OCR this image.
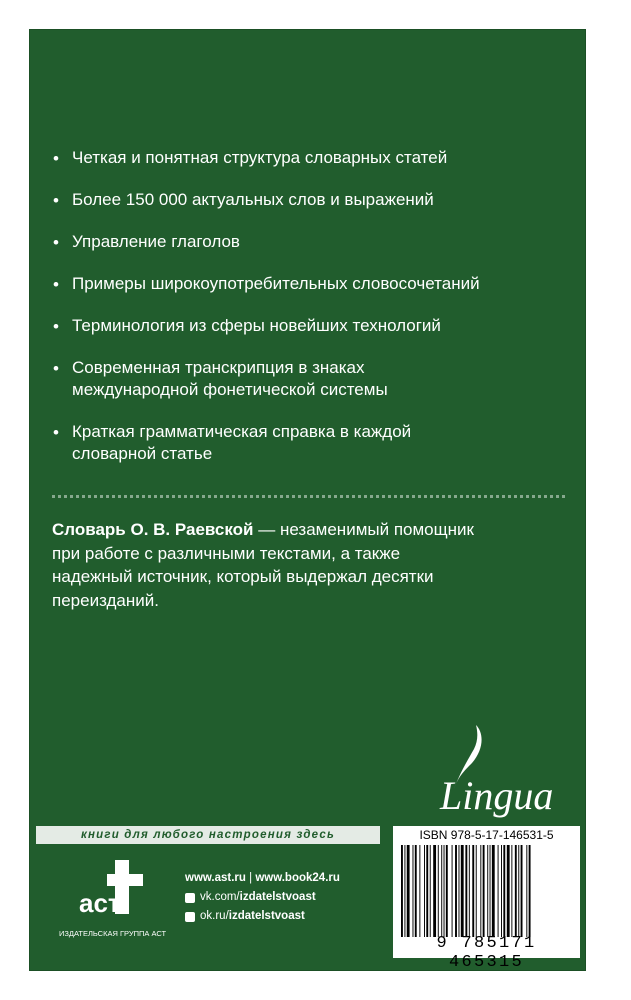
• Четкая и понятная структура словарных статей
• Более 150 000 актуальных слов и выражений
• Управление глаголов
• Примеры широкоупотребительных словосочетаний
• Терминология из сферы новейших технологий
• Современная транскрипция в знаках
международной фонетической системы
• Краткая грамматическая справка в каждой
словарной статье

Словарь О. В. Раевской — незаменимый помощник
при работе с различными текстами, а также
надежный источник, который выдержал десятки
переизданий.

Lingua
книги для любого настроения здесь
аст
ИЗДАТЕЛЬСКАЯ ГРУППА АСТ
www.ast.ru
|
www.book24.ru
vk.com/ izdatelstvoast
ok.ru/ izdatelstvoast
ISBN 978-5-17-146531-5
9 785171 465315
